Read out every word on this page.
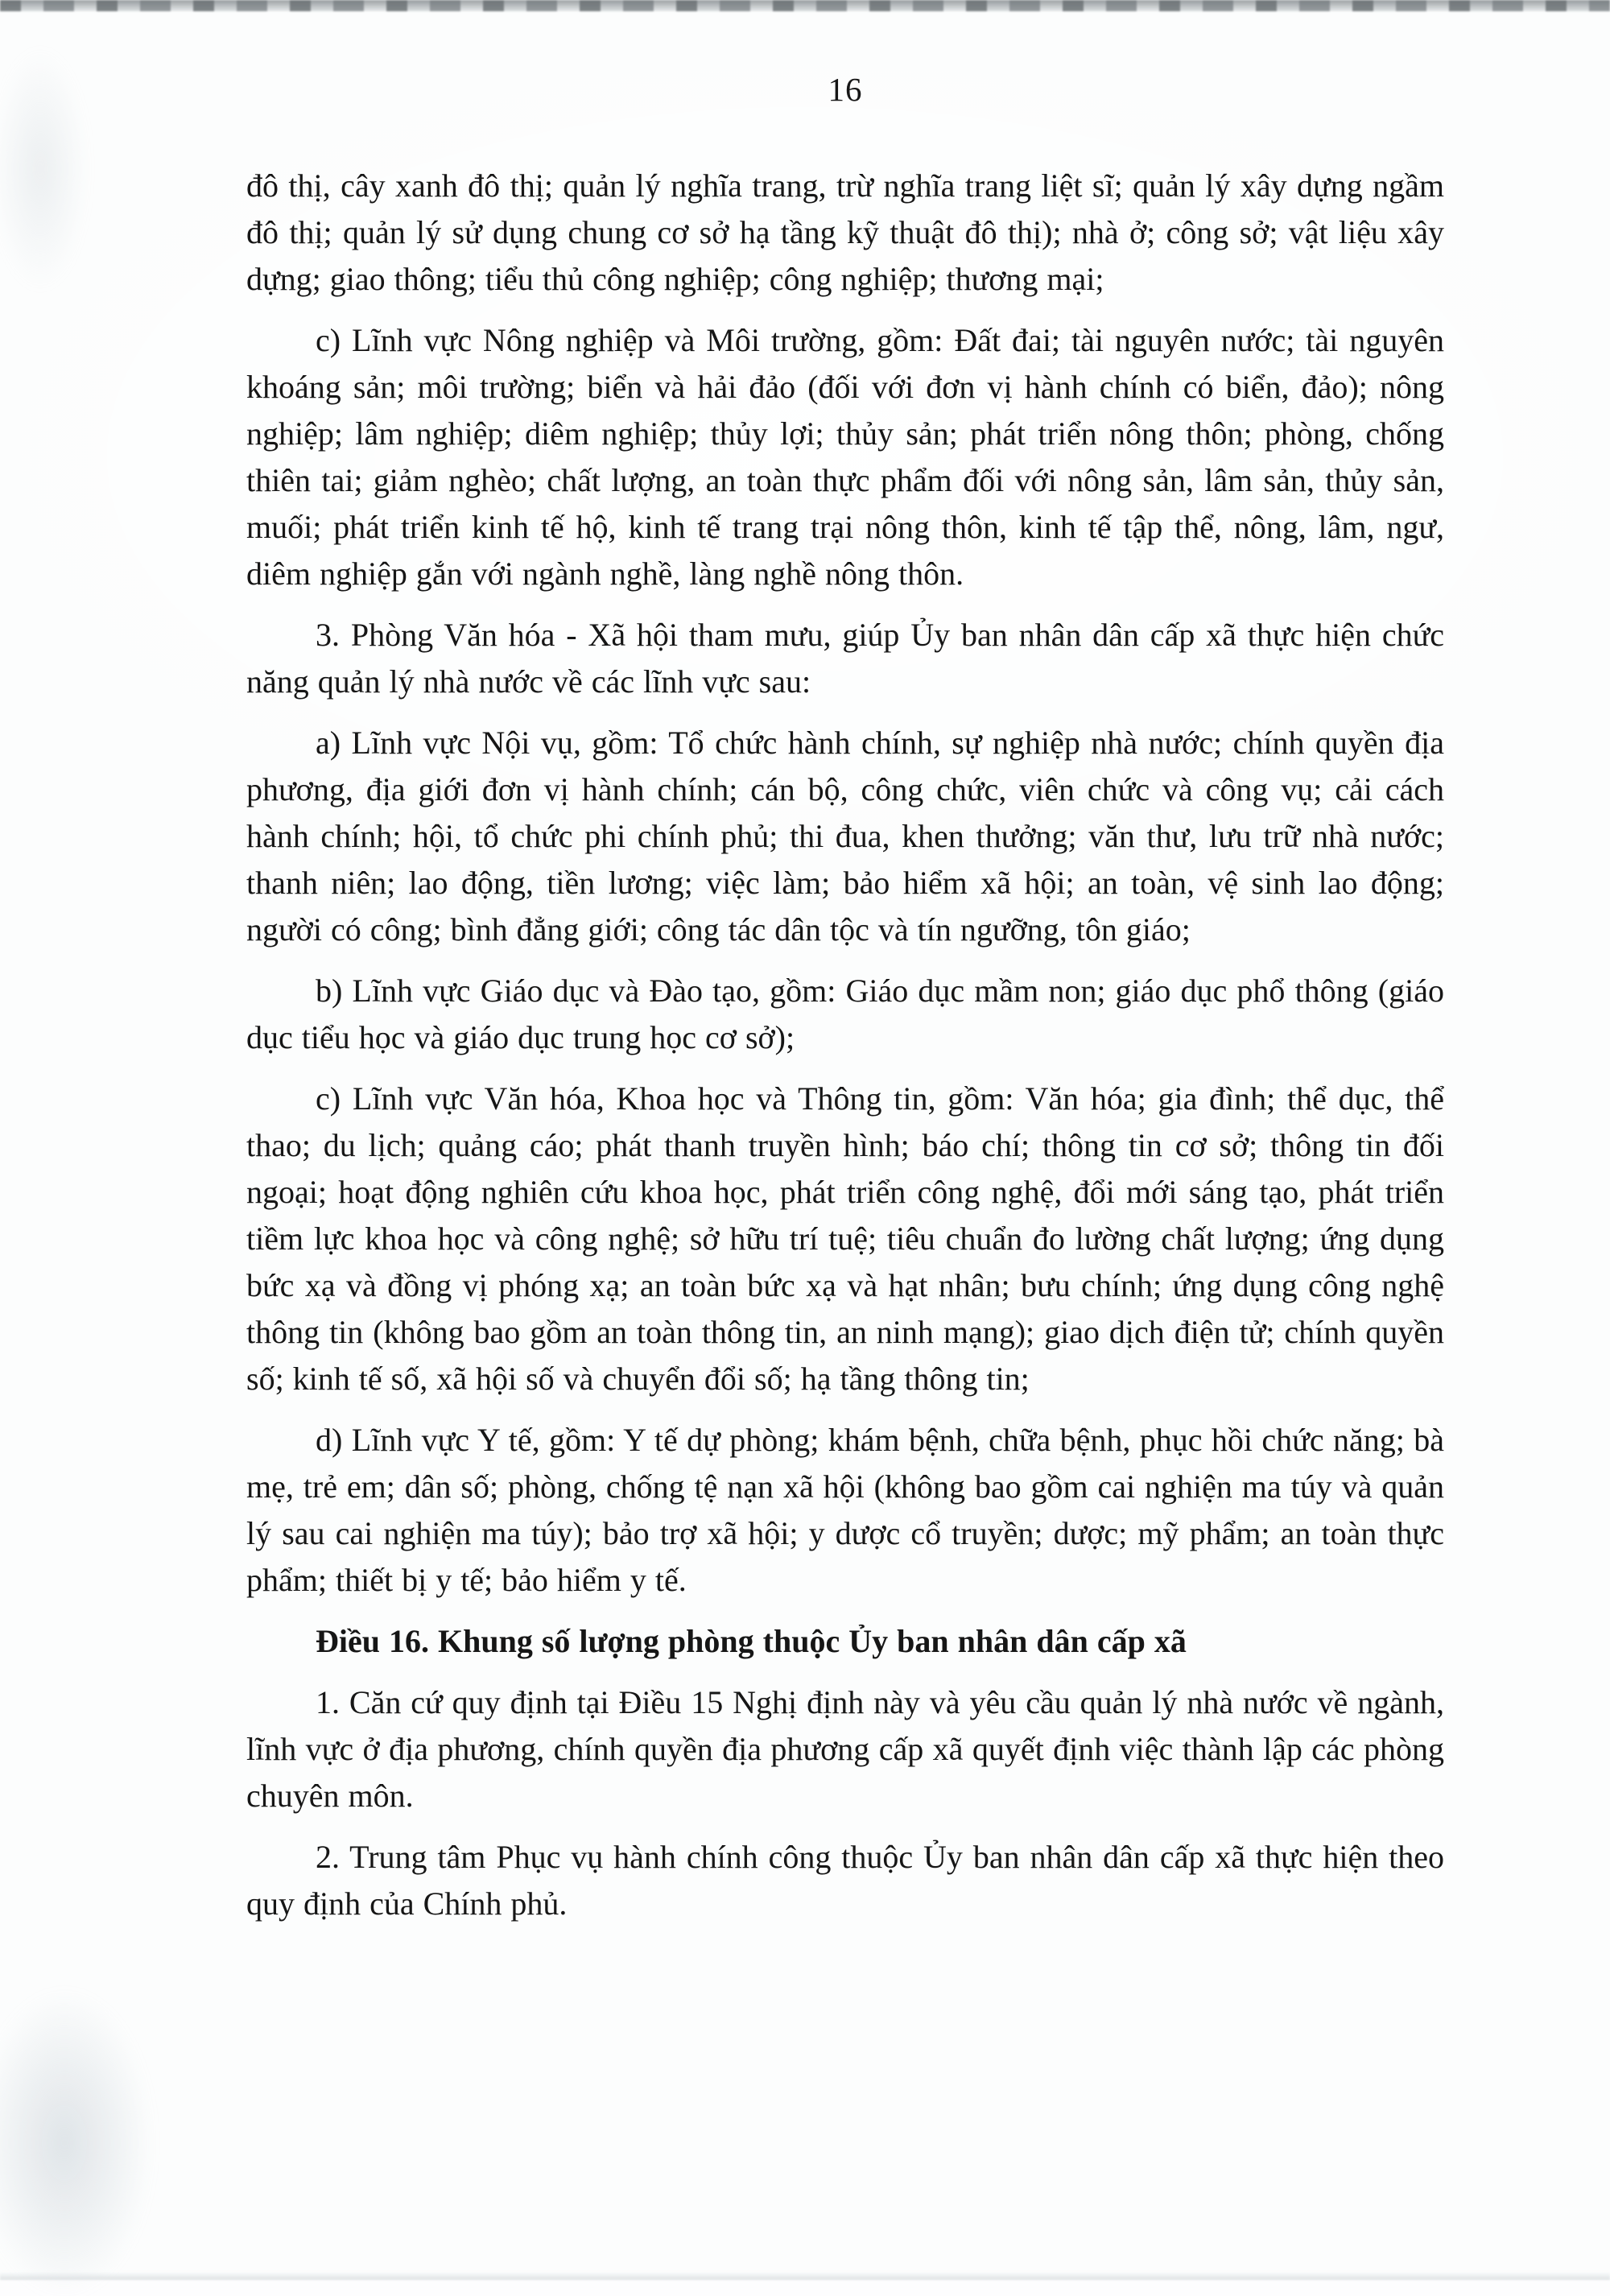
16

đô thị, cây xanh đô thị; quản lý nghĩa trang, trừ nghĩa trang liệt sĩ; quản lý xây dựng ngầm đô thị; quản lý sử dụng chung cơ sở hạ tầng kỹ thuật đô thị); nhà ở; công sở; vật liệu xây dựng; giao thông; tiểu thủ công nghiệp; công nghiệp; thương mại;

c) Lĩnh vực Nông nghiệp và Môi trường, gồm: Đất đai; tài nguyên nước; tài nguyên khoáng sản; môi trường; biển và hải đảo (đối với đơn vị hành chính có biển, đảo); nông nghiệp; lâm nghiệp; diêm nghiệp; thủy lợi; thủy sản; phát triển nông thôn; phòng, chống thiên tai; giảm nghèo; chất lượng, an toàn thực phẩm đối với nông sản, lâm sản, thủy sản, muối; phát triển kinh tế hộ, kinh tế trang trại nông thôn, kinh tế tập thể, nông, lâm, ngư, diêm nghiệp gắn với ngành nghề, làng nghề nông thôn.

3. Phòng Văn hóa - Xã hội tham mưu, giúp Ủy ban nhân dân cấp xã thực hiện chức năng quản lý nhà nước về các lĩnh vực sau:

a) Lĩnh vực Nội vụ, gồm: Tổ chức hành chính, sự nghiệp nhà nước; chính quyền địa phương, địa giới đơn vị hành chính; cán bộ, công chức, viên chức và công vụ; cải cách hành chính; hội, tổ chức phi chính phủ; thi đua, khen thưởng; văn thư, lưu trữ nhà nước; thanh niên; lao động, tiền lương; việc làm; bảo hiểm xã hội; an toàn, vệ sinh lao động; người có công; bình đẳng giới; công tác dân tộc và tín ngưỡng, tôn giáo;

b) Lĩnh vực Giáo dục và Đào tạo, gồm: Giáo dục mầm non; giáo dục phổ thông (giáo dục tiểu học và giáo dục trung học cơ sở);

c) Lĩnh vực Văn hóa, Khoa học và Thông tin, gồm: Văn hóa; gia đình; thể dục, thể thao; du lịch; quảng cáo; phát thanh truyền hình; báo chí; thông tin cơ sở; thông tin đối ngoại; hoạt động nghiên cứu khoa học, phát triển công nghệ, đổi mới sáng tạo, phát triển tiềm lực khoa học và công nghệ; sở hữu trí tuệ; tiêu chuẩn đo lường chất lượng; ứng dụng bức xạ và đồng vị phóng xạ; an toàn bức xạ và hạt nhân; bưu chính; ứng dụng công nghệ thông tin (không bao gồm an toàn thông tin, an ninh mạng); giao dịch điện tử; chính quyền số; kinh tế số, xã hội số và chuyển đổi số; hạ tầng thông tin;

d) Lĩnh vực Y tế, gồm: Y tế dự phòng; khám bệnh, chữa bệnh, phục hồi chức năng; bà mẹ, trẻ em; dân số; phòng, chống tệ nạn xã hội (không bao gồm cai nghiện ma túy và quản lý sau cai nghiện ma túy); bảo trợ xã hội; y dược cổ truyền; dược; mỹ phẩm; an toàn thực phẩm; thiết bị y tế; bảo hiểm y tế.

Điều 16. Khung số lượng phòng thuộc Ủy ban nhân dân cấp xã

1. Căn cứ quy định tại Điều 15 Nghị định này và yêu cầu quản lý nhà nước về ngành, lĩnh vực ở địa phương, chính quyền địa phương cấp xã quyết định việc thành lập các phòng chuyên môn.

2. Trung tâm Phục vụ hành chính công thuộc Ủy ban nhân dân cấp xã thực hiện theo quy định của Chính phủ.
